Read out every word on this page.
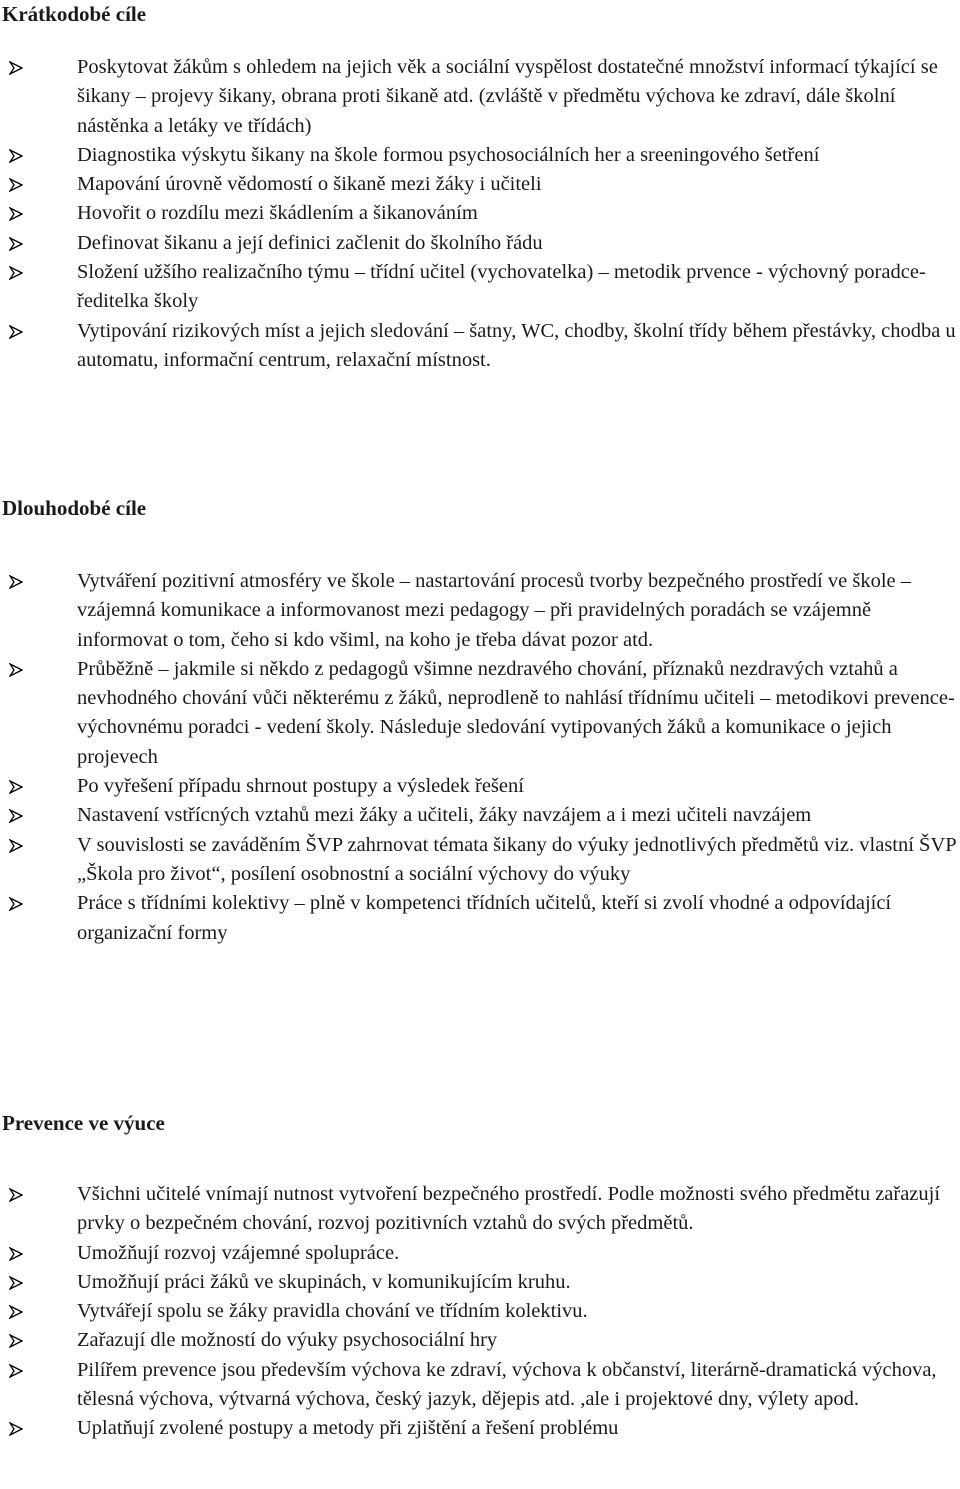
Krátkodobé cíle
Poskytovat žákům s ohledem na jejich věk a sociální vyspělost dostatečné množství informací týkající se šikany – projevy šikany, obrana proti šikaně atd. (zvláště v předmětu výchova ke zdraví, dále školní nástěnka a letáky ve třídách)
Diagnostika výskytu šikany na škole formou psychosociálních her a sreeningového šetření
Mapování úrovně vědomostí o šikaně mezi žáky i učiteli
Hovořit o rozdílu mezi škádlením a šikanováním
Definovat šikanu a její definici začlenit do školního řádu
Složení užšího realizačního týmu – třídní učitel (vychovatelka) – metodik prvence - výchovný poradce- ředitelka školy
Vytipování rizikových míst a jejich sledování – šatny, WC, chodby, školní třídy během přestávky, chodba u automatu, informační centrum, relaxační místnost.
Dlouhodobé cíle
Vytváření pozitivní atmosféry ve škole – nastartování procesů tvorby bezpečného prostředí ve škole – vzájemná komunikace a informovanost mezi pedagogy – při pravidelných poradách se vzájemně informovat o tom, čeho si kdo všiml, na koho je třeba dávat pozor atd.
Průběžně – jakmile si někdo z pedagogů všimne nezdravého chování, příznaků nezdravých vztahů a nevhodného chování vůči některému z žáků, neprodleně to nahlásí třídnímu učiteli – metodikovi prevence- výchovnému poradci - vedení školy. Následuje sledování vytipovaných žáků a komunikace o jejich projevech
Po vyřešení případu shrnout postupy a výsledek řešení
Nastavení vstřícných vztahů mezi žáky a učiteli, žáky navzájem a i mezi učiteli navzájem
V souvislosti se zaváděním ŠVP zahrnovat témata šikany do výuky jednotlivých předmětů viz. vlastní ŠVP „Škola pro život“, posílení osobnostní a sociální výchovy do výuky
Práce s třídními kolektivy – plně v kompetenci třídních učitelů, kteří si zvolí vhodné a odpovídající organizační formy
Prevence ve výuce
Všichni učitelé vnímají nutnost vytvoření bezpečného prostředí. Podle možnosti svého předmětu zařazují prvky o bezpečném chování, rozvoj pozitivních vztahů do svých předmětů.
Umožňují rozvoj vzájemné spolupráce.
Umožňují práci žáků ve skupinách, v komunikujícím kruhu.
Vytvářejí spolu se žáky pravidla chování ve třídním kolektivu.
Zařazují dle možností do výuky psychosociální hry
Pilířem prevence jsou především výchova ke zdraví, výchova k občanství, literárně-dramatická výchova, tělesná výchova, výtvarná výchova, český jazyk, dějepis atd. ,ale i projektové dny, výlety apod.
Uplatňují zvolené postupy a metody při zjištění a řešení problému
